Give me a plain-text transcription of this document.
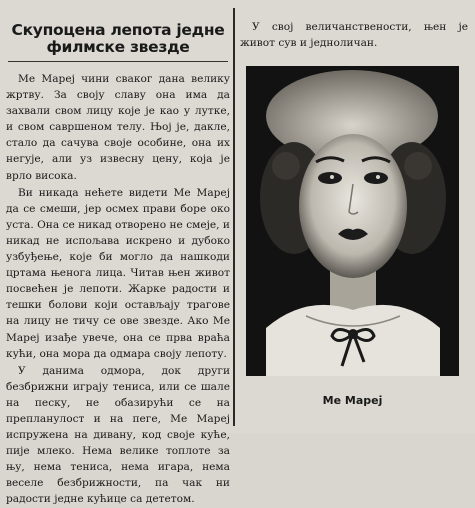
Скупоцена лепота једне филмске звезде

Ме Мареј чини сваког дана велику жртву. За своју славу она има да захвали свом лицу које је као у лутке, и свом савршеном телу. Њој је, дакле, стало да сачува своје особине, она их негује, али уз извесну цену, која је врло висока.

Ви никада нећете видети Ме Мареј да се смеши, јер осмех прави боре око уста. Она се никад отворено не смеје, и никад не испољава искрено и дубоко узбуђење, које би могло да нашкоди цртама њенога лица. Читав њен живот посвећен је лепоти. Жарке радости и тешки болови који остављају трагове на лицу не тичу се ове звезде. Ако Ме Мареј изађе увече, она се прва враћа кући, она мора да одмара своју лепоту.

У данима одмора, док други безбрижни играју тениса, или се шале на песку, не обазирући се на препланулост и на пеге, Ме Мареј испружена на дивану, код своје куће, пије млеко. Нема велике топлоте за њу, нема тениса, нема игара, нема веселе безбрижности, па чак ни радости једне кућице са дететом.

У свој величанствености, њен је живот сув и једноличан.

Ме Мареј
